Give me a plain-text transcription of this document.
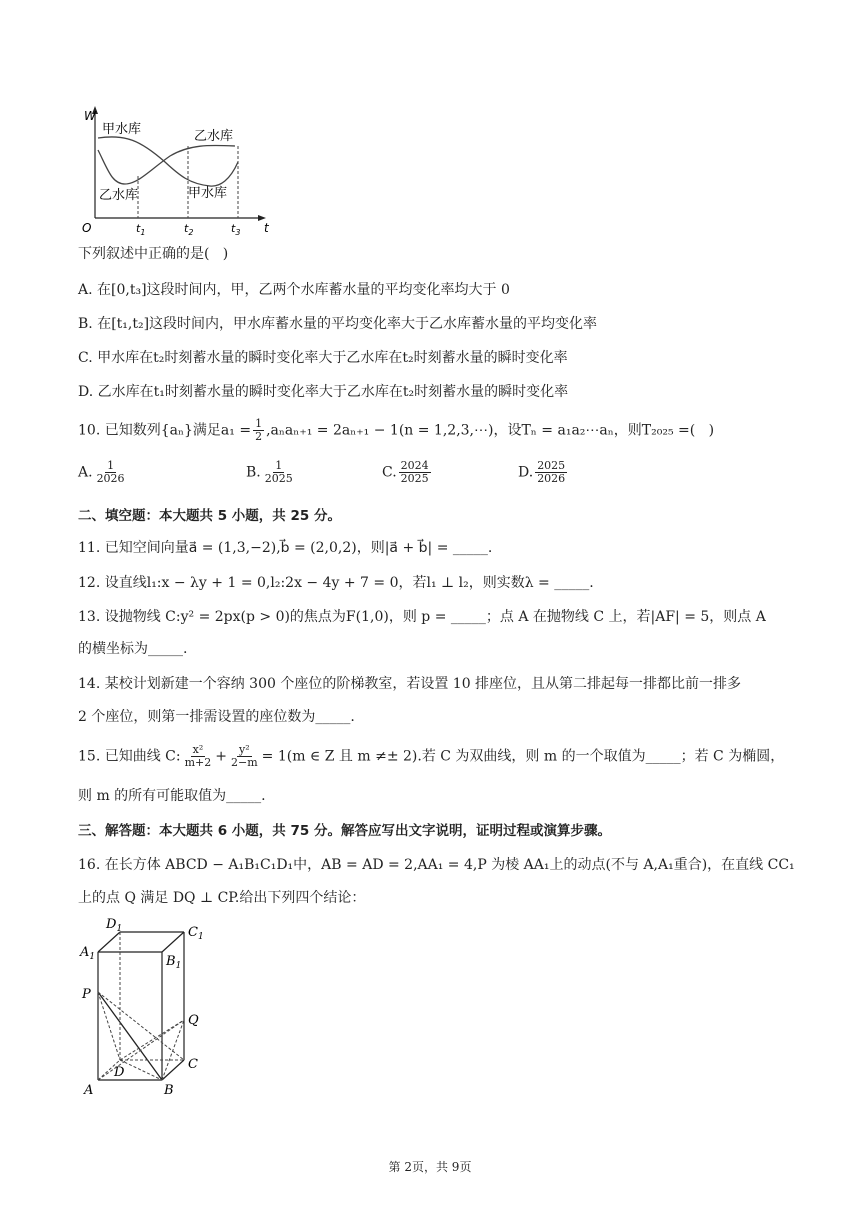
W
t
O
甲水库	乙水库
乙水库	甲水库
$t_1$	$t_2$	$t_3$
下列叙述中正确的是(   )
A. 在[0,t₃]这段时间内，甲，乙两个水库蓄水量的平均变化率均大于 0
B. 在[t₁,t₂]这段时间内，甲水库蓄水量的平均变化率大于乙水库蓄水量的平均变化率
C. 甲水库在t₂时刻蓄水量的瞬时变化率大于乙水库在t₂时刻蓄水量的瞬时变化率
D. 乙水库在t₁时刻蓄水量的瞬时变化率大于乙水库在t₂时刻蓄水量的瞬时变化率
10. 已知数列{aₙ}满足$a_1 = \frac{1}{2} ,a_na_{n+1} = 2a_{n+1} - 1(n$ = 1,2,3,⋯)，设Tₙ = a₁a₂⋯aₙ，则T₂₀₂₅ =(   )
A. $\frac{1}{2026}$	B. $\frac{1}{2025}$	C. $\frac{2024}{2025}$	D. $\frac{2025}{2026}$
二、填空题：本大题共 5 小题，共 25 分。
11. 已知空间向量a⃗ = (1,3,−2),b⃗ = (2,0,2)，则|a⃗ + b⃗| = _____.
12. 设直线l₁:x − λy + 1 = 0,l₂:2x − 4y + 7 = 0，若l₁ ⊥ l₂，则实数λ = _____.
13. 设抛物线 C:y² = 2px(p > 0)的焦点为F(1,0)，则 p = _____；点 A 在抛物线 C 上，若|AF| = 5，则点 A
的横坐标为_____.
14. 某校计划新建一个容纳 300 个座位的阶梯教室，若设置 10 排座位，且从第二排起每一排都比前一排多
2 个座位，则第一排需设置的座位数为_____.
15. 已知曲线 C: $\frac{\text{x²}}{m+2} + \frac{\text{y²}}{2-m} = 1(m$ ∈ Z 且 m ≠± 2).若 C 为双曲线，则 m 的一个取值为_____；若 C 为椭圆，
则 m 的所有可能取值为_____.
三、解答题：本大题共 6 小题，共 75 分。解答应写出文字说明，证明过程或演算步骤。
16. 在长方体 ABCD − A₁B₁C₁D₁中，AB = AD = 2,AA₁ = 4,P 为棱 AA₁上的动点(不与 A,A₁重合)，在直线 CC₁
上的点 Q 满足 DQ ⊥ CP.给出下列四个结论：
A	B
C
D
$A_1$	$B_1$
$C_1$
$D_1$
P
Q
第 2页，共 9页
